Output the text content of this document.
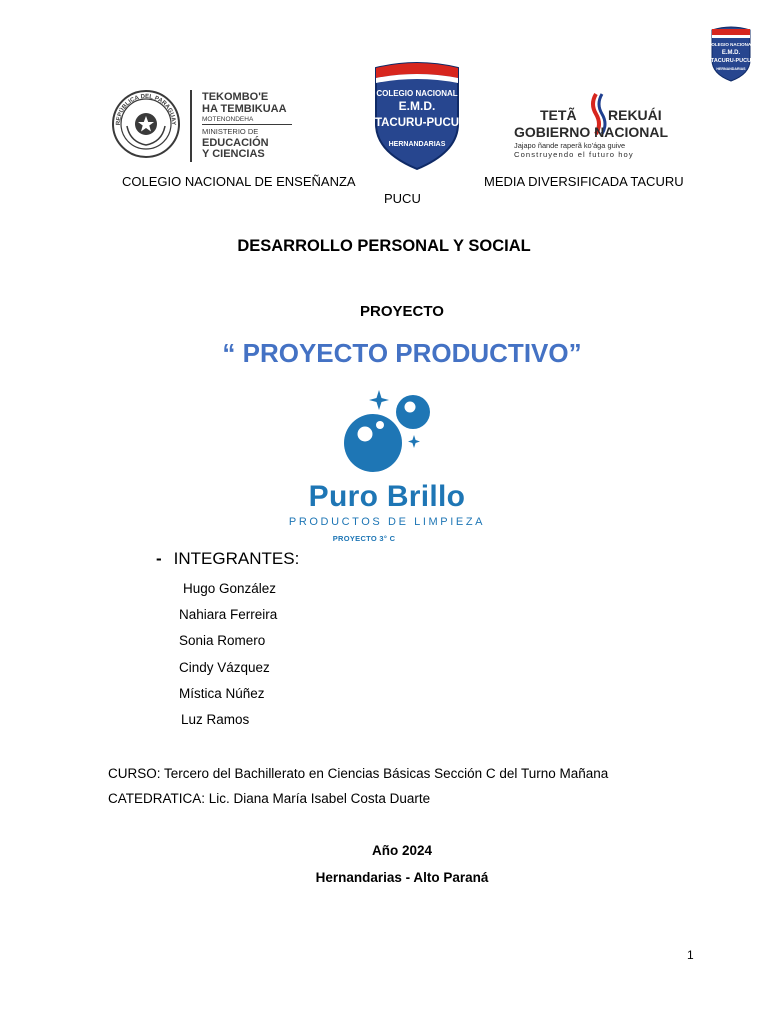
COLEGIO NACIONAL
E.M.D.
TACURU-PUCU
HERNANDARIAS
REPÚBLICA DEL PARAGUAY
TEKOMBO'E
HA TEMBIKUAA
MOTENONDEHA
MINISTERIO DE
EDUCACIÓN
Y CIENCIAS
COLEGIO NACIONAL
E.M.D.
TACURU-PUCU
HERNANDARIAS
TETÃ REKUÁI
GOBIERNO NACIONAL
Jajapo ñande raperã ko'ága guive
Construyendo el futuro hoy
COLEGIO NACIONAL DE ENSEÑANZA	MEDIA DIVERSIFICADA TACURU
PUCU
DESARROLLO PERSONAL Y SOCIAL
PROYECTO
“ PROYECTO PRODUCTIVO”
Puro Brillo
PRODUCTOS DE LIMPIEZA
PROYECTO 3° C
- INTEGRANTES:
Hugo González
Nahiara Ferreira
Sonia Romero
Cindy Vázquez
Mística Núñez
Luz Ramos
CURSO: Tercero del Bachillerato en Ciencias Básicas Sección C del Turno Mañana
CATEDRATICA: Lic. Diana María Isabel Costa Duarte
Año 2024
Hernandarias - Alto Paraná
1
